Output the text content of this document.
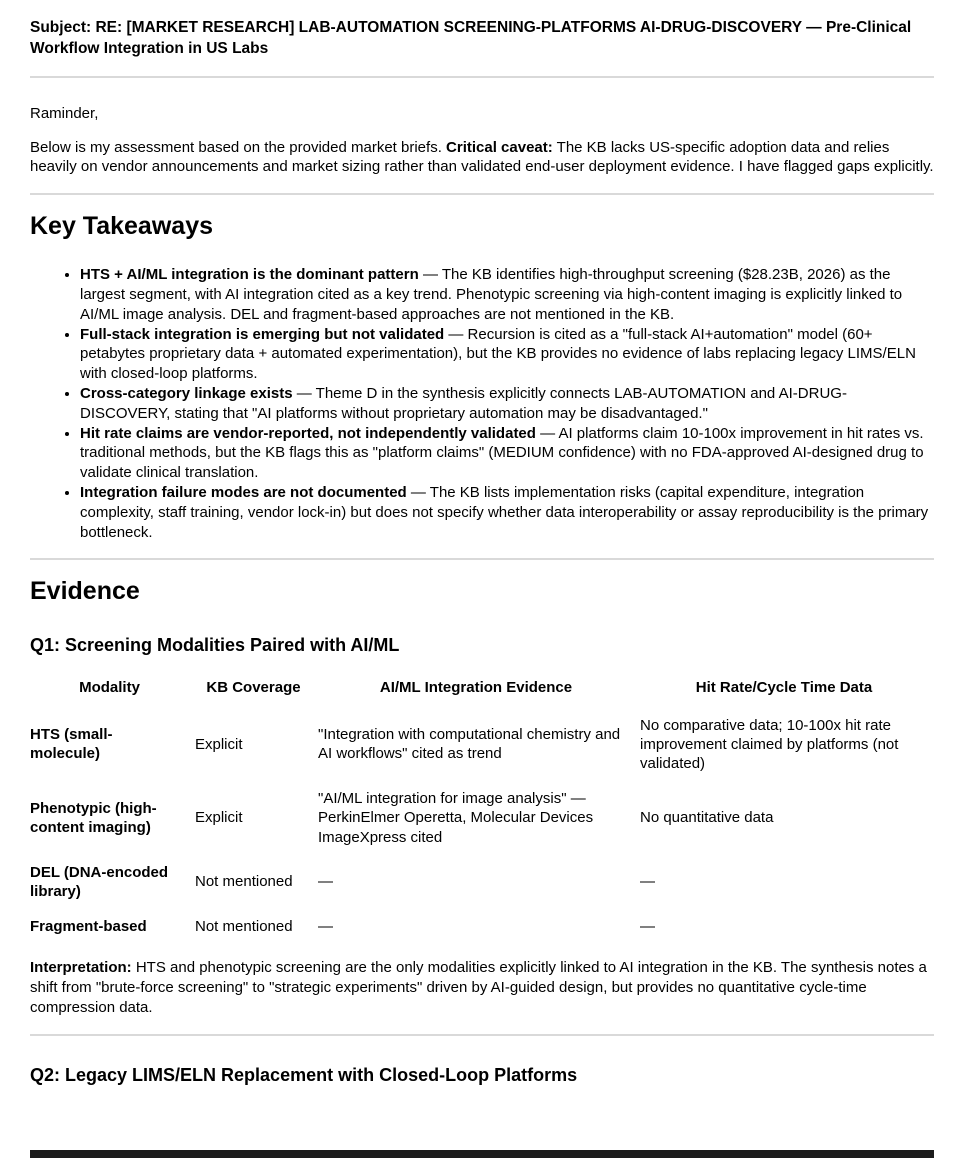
Subject: RE: [MARKET RESEARCH] LAB-AUTOMATION SCREENING-PLATFORMS AI-DRUG-DISCOVERY — Pre-Clinical Workflow Integration in US Labs

Raminder,

Below is my assessment based on the provided market briefs. Critical caveat: The KB lacks US-specific adoption data and relies heavily on vendor announcements and market sizing rather than validated end-user deployment evidence. I have flagged gaps explicitly.

Key Takeaways
• HTS + AI/ML integration is the dominant pattern — The KB identifies high-throughput screening ($28.23B, 2026) as the largest segment, with AI integration cited as a key trend. Phenotypic screening via high-content imaging is explicitly linked to AI/ML image analysis. DEL and fragment-based approaches are not mentioned in the KB.
• Full-stack integration is emerging but not validated — Recursion is cited as a "full-stack AI+automation" model (60+ petabytes proprietary data + automated experimentation), but the KB provides no evidence of labs replacing legacy LIMS/ELN with closed-loop platforms.
• Cross-category linkage exists — Theme D in the synthesis explicitly connects LAB-AUTOMATION and AI-DRUG-DISCOVERY, stating that "AI platforms without proprietary automation may be disadvantaged."
• Hit rate claims are vendor-reported, not independently validated — AI platforms claim 10-100x improvement in hit rates vs. traditional methods, but the KB flags this as "platform claims" (MEDIUM confidence) with no FDA-approved AI-designed drug to validate clinical translation.
• Integration failure modes are not documented — The KB lists implementation risks (capital expenditure, integration complexity, staff training, vendor lock-in) but does not specify whether data interoperability or assay reproducibility is the primary bottleneck.
Evidence
Q1: Screening Modalities Paired with AI/ML
Modality	KB Coverage	AI/ML Integration Evidence	Hit Rate/Cycle Time Data
HTS (small-molecule)	Explicit	"Integration with computational chemistry and AI workflows" cited as trend	No comparative data; 10-100x hit rate improvement claimed by platforms (not validated)
Phenotypic (high-content imaging)	Explicit	"AI/ML integration for image analysis" — PerkinElmer Operetta, Molecular Devices ImageXpress cited	No quantitative data
DEL (DNA-encoded library)	Not mentioned	—	—
Fragment-based	Not mentioned	—	—

Interpretation: HTS and phenotypic screening are the only modalities explicitly linked to AI integration in the KB. The synthesis notes a shift from "brute-force screening" to "strategic experiments" driven by AI-guided design, but provides no quantitative cycle-time compression data.

Q2: Legacy LIMS/ELN Replacement with Closed-Loop Platforms
